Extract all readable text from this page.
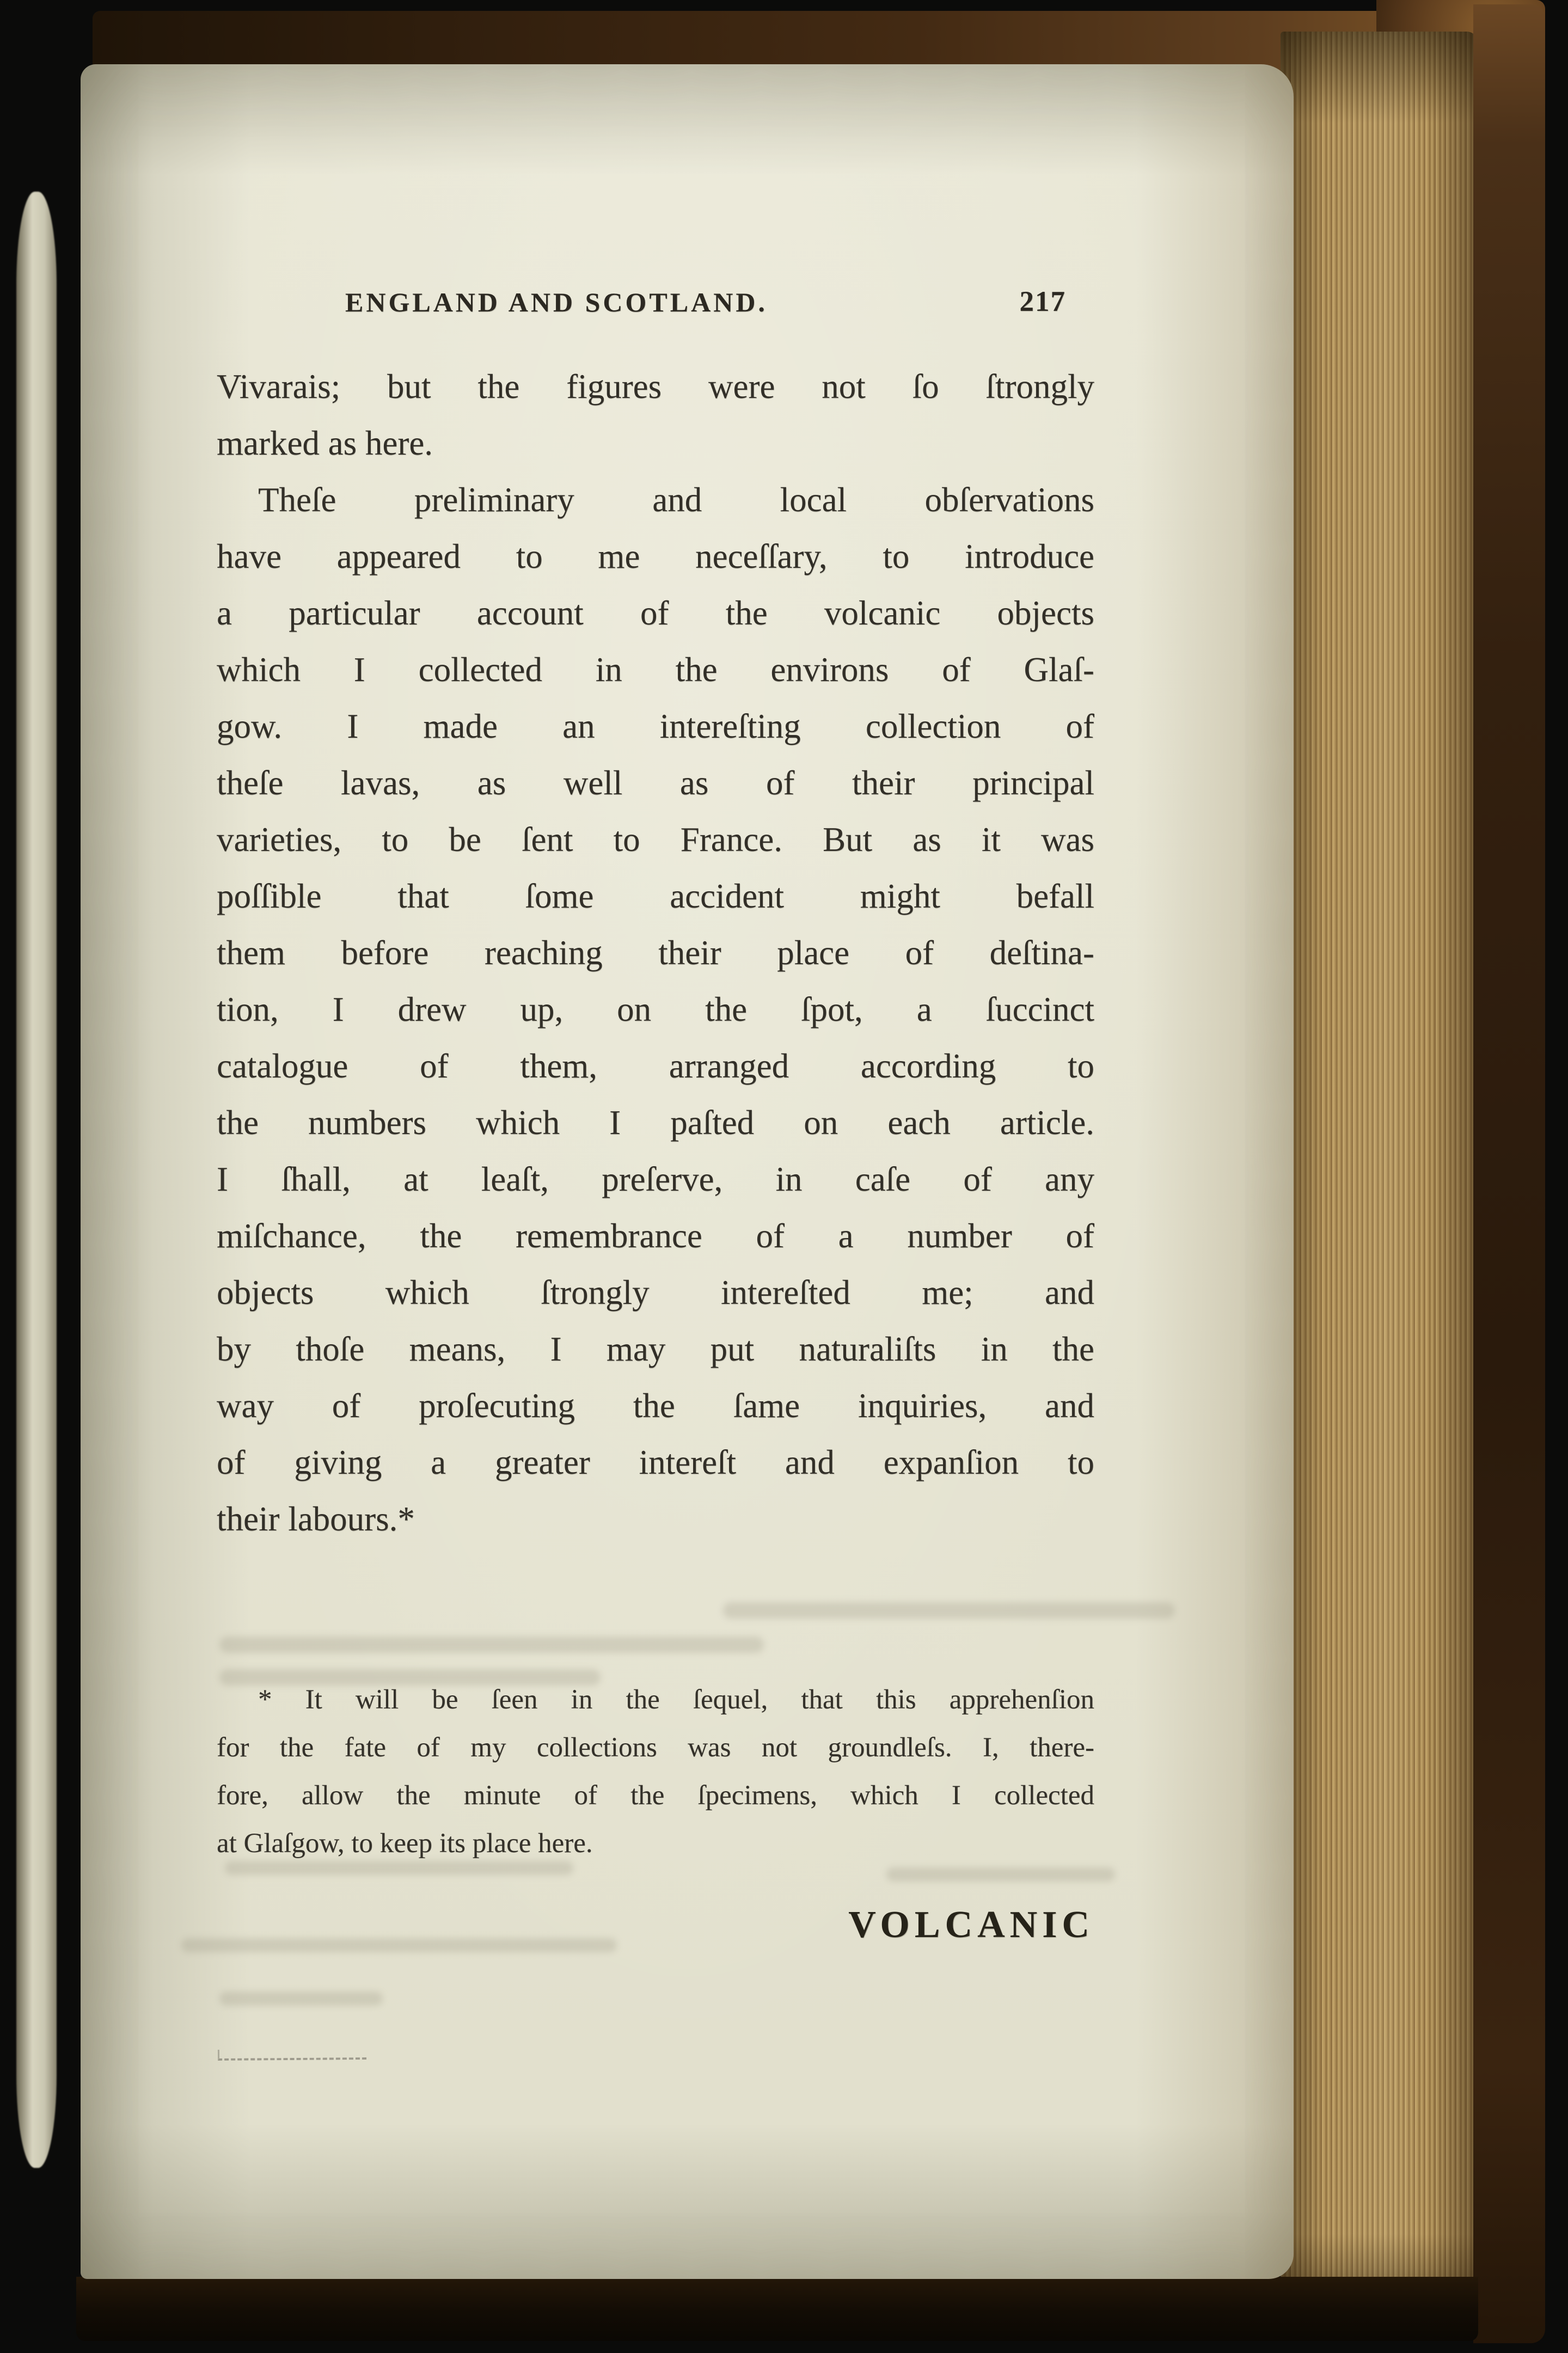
ENGLAND AND SCOTLAND.	217
Vivarais; but the figures were not ſo ſtrongly
marked as here.
Theſe preliminary and local obſervations
have appeared to me neceſſary, to introduce
a particular account of the volcanic objects
which I collected in the environs of Glaſ-
gow. I made an intereſting collection of
theſe lavas, as well as of their principal
varieties, to be ſent to France. But as it was
poſſible that ſome accident might befall
them before reaching their place of deſtina-
tion, I drew up, on the ſpot, a ſuccinct
catalogue of them, arranged according to
the numbers which I paſted on each article.
I ſhall, at leaſt, preſerve, in caſe of any
miſchance, the remembrance of a number of
objects which ſtrongly intereſted me; and
by thoſe means, I may put naturaliſts in the
way of proſecuting the ſame inquiries, and
of giving a greater intereſt and expanſion to
their labours.*
* It will be ſeen in the ſequel, that this apprehenſion
for the fate of my collections was not groundleſs. I, there-
fore, allow the minute of the ſpecimens, which I collected
at Glaſgow, to keep its place here.
VOLCANIC
